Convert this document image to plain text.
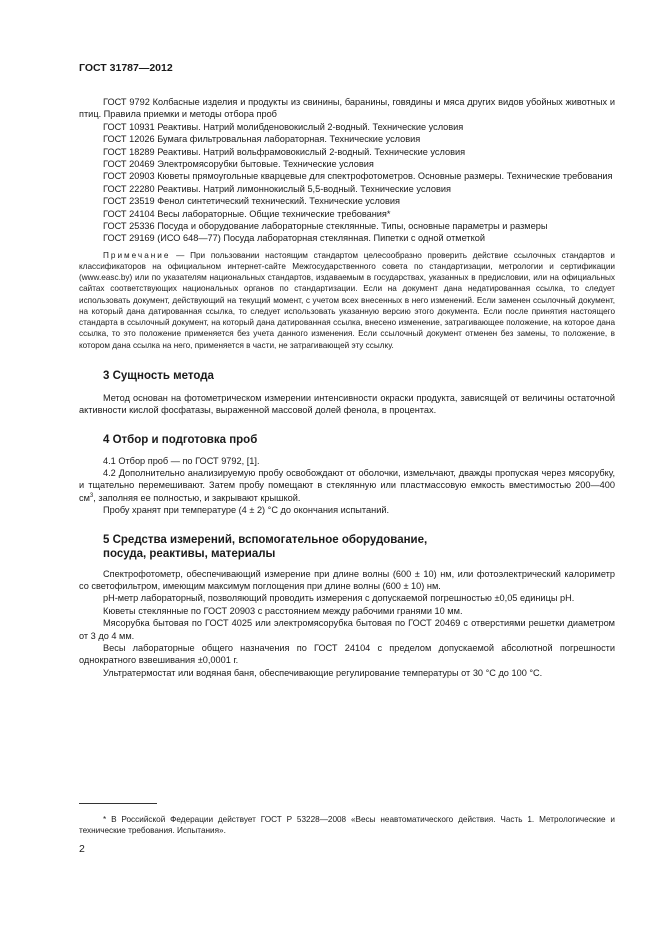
ГОСТ 31787—2012

ГОСТ 9792 Колбасные изделия и продукты из свинины, баранины, говядины и мяса других видов убойных животных и птиц. Правила приемки и методы отбора проб

ГОСТ 10931 Реактивы. Натрий молибденовокислый 2-водный. Технические условия

ГОСТ 12026 Бумага фильтровальная лабораторная. Технические условия

ГОСТ 18289 Реактивы. Натрий вольфрамовокислый 2-водный. Технические условия

ГОСТ 20469 Электромясорубки бытовые. Технические условия

ГОСТ 20903 Кюветы прямоугольные кварцевые для спектрофотометров. Основные размеры. Технические требования

ГОСТ 22280 Реактивы. Натрий лимоннокислый 5,5-водный. Технические условия

ГОСТ 23519 Фенол синтетический технический. Технические условия

ГОСТ 24104 Весы лабораторные. Общие технические требования*

ГОСТ 25336 Посуда и оборудование лабораторные стеклянные. Типы, основные параметры и размеры

ГОСТ 29169 (ИСО 648—77) Посуда лабораторная стеклянная. Пипетки с одной отметкой

Примечание — При пользовании настоящим стандартом целесообразно проверить действие ссылочных стандартов и классификаторов на официальном интернет-сайте Межгосударственного совета по стандартизации, метрологии и сертификации (www.easc.by) или по указателям национальных стандартов, издаваемым в государствах, указанных в предисловии, или на официальных сайтах соответствующих национальных органов по стандартизации. Если на документ дана недатированная ссылка, то следует использовать документ, действующий на текущий момент, с учетом всех внесенных в него изменений. Если заменен ссылочный документ, на который дана датированная ссылка, то следует использовать указанную версию этого документа. Если после принятия настоящего стандарта в ссылочный документ, на который дана датированная ссылка, внесено изменение, затрагивающее положение, на которое дана ссылка, то это положение применяется без учета данного изменения. Если ссылочный документ отменен без замены, то положение, в котором дана ссылка на него, применяется в части, не затрагивающей эту ссылку.

3 Сущность метода

Метод основан на фотометрическом измерении интенсивности окраски продукта, зависящей от величины остаточной активности кислой фосфатазы, выраженной массовой долей фенола, в процентах.

4 Отбор и подготовка проб

4.1 Отбор проб — по ГОСТ 9792, [1].

4.2 Дополнительно анализируемую пробу освобождают от оболочки, измельчают, дважды пропуская через мясорубку, и тщательно перемешивают. Затем пробу помещают в стеклянную или пластмассовую емкость вместимостью 200—400 $см^3$, заполняя ее полностью, и закрывают крышкой.

Пробу хранят при температуре (4 ± 2) °С до окончания испытаний.

5 Средства измерений, вспомогательное оборудование,
посуда, реактивы, материалы

Спектрофотометр, обеспечивающий измерение при длине волны (600 ± 10) нм, или фотоэлектрический калориметр со светофильтром, имеющим максимум поглощения при длине волны (600 ± 10) нм.

рН-метр лабораторный, позволяющий проводить измерения с допускаемой погрешностью ±0,05 единицы рН.

Кюветы стеклянные по ГОСТ 20903 с расстоянием между рабочими гранями 10 мм.

Мясорубка бытовая по ГОСТ 4025 или электромясорубка бытовая по ГОСТ 20469 с отверстиями решетки диаметром от 3 до 4 мм.

Весы лабораторные общего назначения по ГОСТ 24104 с пределом допускаемой абсолютной погрешности однократного взвешивания ±0,0001 г.

Ультратермостат или водяная баня, обеспечивающие регулирование температуры от 30 °С до 100 °С.

* В Российской Федерации действует ГОСТ Р 53228—2008 «Весы неавтоматического действия. Часть 1. Метрологические и технические требования. Испытания».

2
